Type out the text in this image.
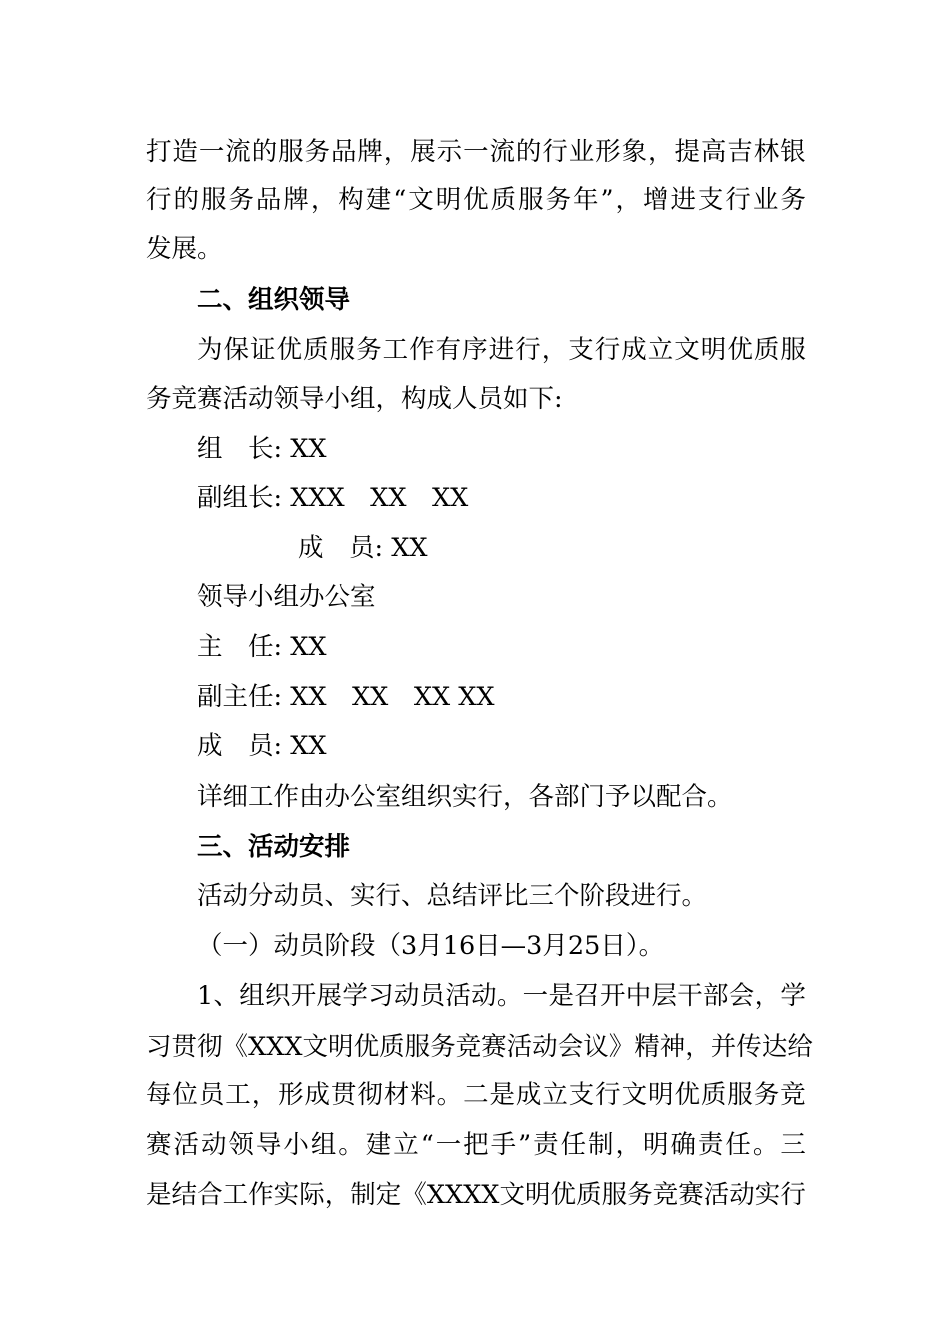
打 造 一 流 的 服 务 品 牌 ， 展 示 一 流 的 行 业 形 象 ， 提 高 吉 林 银
行 的 服 务 品 牌 ， 构 建 “ 文 明 优 质 服 务 年 ” ， 增 进 支 行 业 务
发展。
二、组织领导
为 保 证 优 质 服 务 工 作 有 序 进 行 ， 支 行 成 立 文 明 优 质 服
务竞赛活动领导小组，构成人员如下:
组　长: XX
副组长: XXX　XX　XX
成　员: XX
领导小组办公室
主　任: XX
副主任: XX　XX　XX XX
成　员: XX
详细工作由办公室组织实行，各部门予以配合。
三、活动安排
活动分动员、实行、总结评比三个阶段进行。
（一）动员阶段（3月16日—3月25日）。
1 、 组 织 开 展 学 习 动 员 活 动 。 一 是 召 开 中 层 干 部 会 ， 学
习 贯 彻 《 XXX 文 明 优 质 服 务 竞 赛 活 动 会 议 》 精 神 ， 并 传 达 给
每 位 员 工 ， 形 成 贯 彻 材 料 。 二 是 成 立 支 行 文 明 优 质 服 务 竞
赛 活 动 领 导 小 组 。 建 立 “ 一 把 手 ” 责 任 制 ， 明 确 责 任 。 三
是 结 合 工 作 实 际 ， 制 定 《 XXXX 文 明 优 质 服 务 竞 赛 活 动 实 行
